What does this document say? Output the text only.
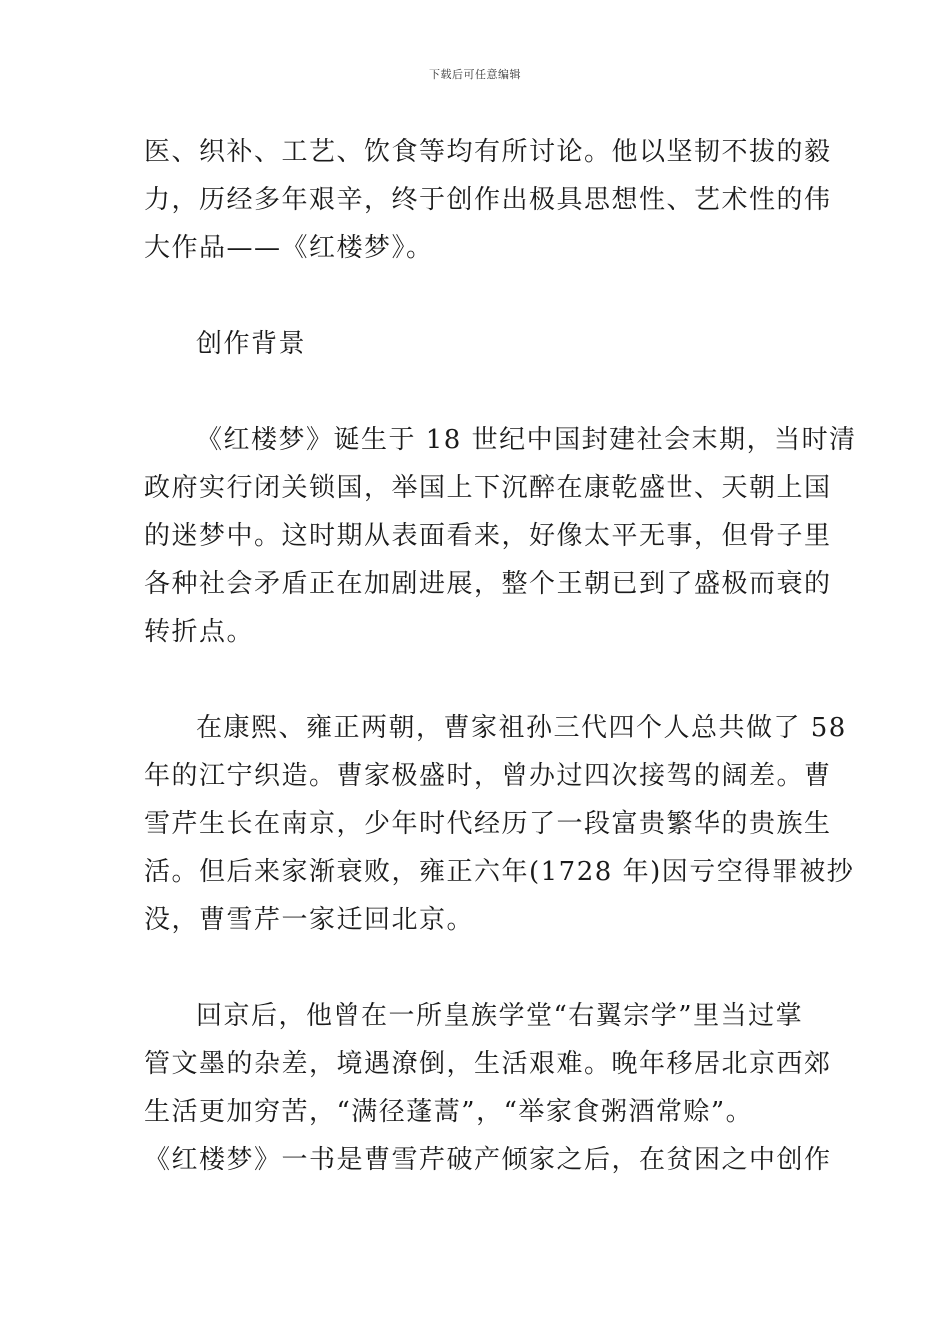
下载后可任意编辑
医、织补、工艺、饮食等均有所讨论。他以坚韧不拔的毅
力，历经多年艰辛，终于创作出极具思想性、艺术性的伟
大作品——《红楼梦》。
创作背景
《红楼梦》诞生于 18 世纪中国封建社会末期，当时清
政府实行闭关锁国，举国上下沉醉在康乾盛世、天朝上国
的迷梦中。这时期从表面看来，好像太平无事，但骨子里
各种社会矛盾正在加剧进展，整个王朝已到了盛极而衰的
转折点。
在康熙、雍正两朝，曹家祖孙三代四个人总共做了 58
年的江宁织造。曹家极盛时，曾办过四次接驾的阔差。曹
雪芹生长在南京，少年时代经历了一段富贵繁华的贵族生
活。但后来家渐衰败，雍正六年(1728 年)因亏空得罪被抄
没，曹雪芹一家迁回北京。
回京后，他曾在一所皇族学堂“右翼宗学”里当过掌
管文墨的杂差，境遇潦倒，生活艰难。晚年移居北京西郊
生活更加穷苦，“满径蓬蒿”，“举家食粥酒常赊”。
《红楼梦》一书是曹雪芹破产倾家之后，在贫困之中创作
